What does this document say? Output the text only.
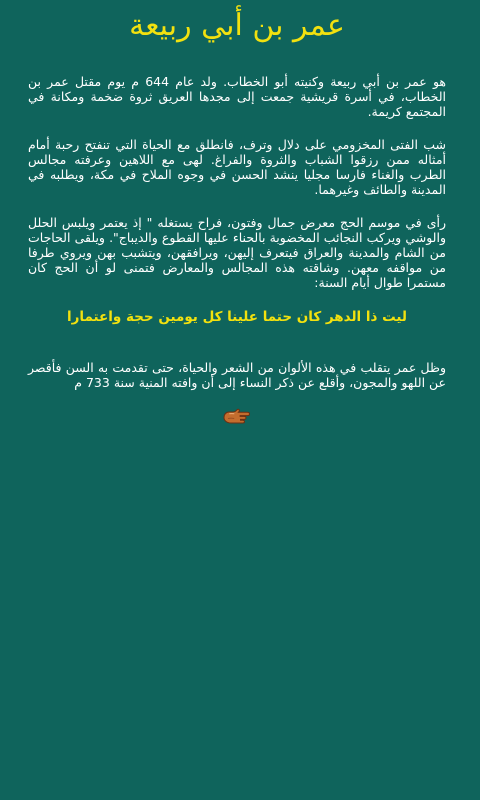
عمر بن أبي ربيعة

هو عمر بن أبي ربيعة وكنيته أبو الخطاب. ولد عام 644 م يوم مقتل عمر بن الخطاب، في أسرة قريشية جمعت إلى مجدها العريق ثروة ضخمة ومكانة في المجتمع كريمة.

شب الفتى المخزومي على دلال وترف، فانطلق مع الحياة التي تنفتح رحبة أمام أمثاله ممن رزقوا الشباب والثروة والفراغ. لهى مع اللاهين وعرفته مجالس الطرب والغناء فارسا مجليا ينشد الحسن في وجوه الملاح في مكة، ويطلبه في المدينة والطائف وغيرهما.

رأى في موسم الحج معرض جمال وفتون، فراح يستغله " إذ يعتمر ويلبس الحلل والوشي ويركب النجائب المخضوبة بالحناء عليها القطوع والديباج". ويلقى الحاجات من الشام والمدينة والعراق فيتعرف إليهن، ويرافقهن، ويتشبب بهن ويروي طرفا من مواقفه معهن. وشاقته هذه المجالس والمعارض فتمنى لو أن الحج كان مستمرا طوال أيام السنة:

ليت ذا الدهر كان حتما علينا كل يومين حجة واعتمارا

وظل عمر يتقلب في هذه الألوان من الشعر والحياة، حتى تقدمت به السن فأقصر عن اللهو والمجون، وأقلع عن ذكر النساء إلى أن وافته المنية سنة 733 م
